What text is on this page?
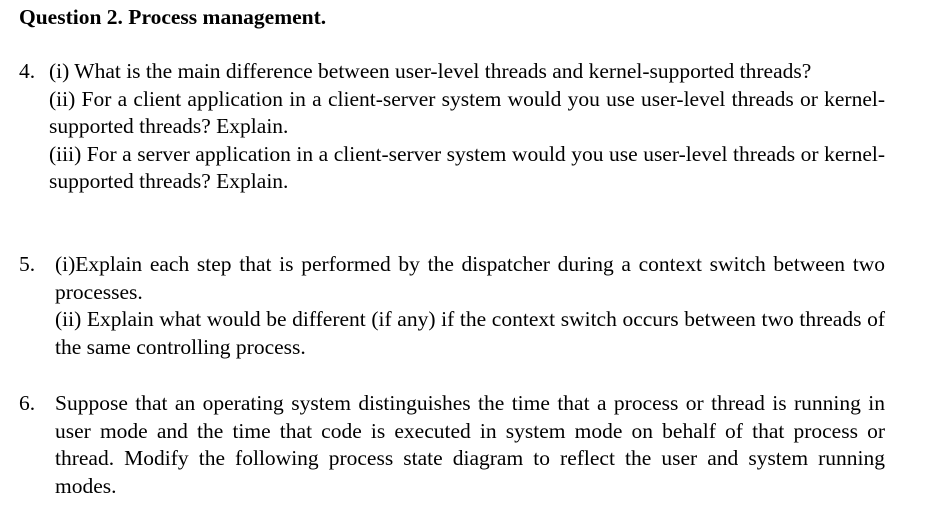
Question 2. Process management.
4. (i) What is the main difference between user-level threads and kernel-supported threads?

(ii) For a client application in a client-server system would you use user-level threads or kernel-supported threads? Explain.

(iii) For a server application in a client-server system would you use user-level threads or kernel-supported threads? Explain.

5. (i)Explain each step that is performed by the dispatcher during a context switch between two processes.

(ii) Explain what would be different (if any) if the context switch occurs between two threads of the same controlling process.

6. Suppose that an operating system distinguishes the time that a process or thread is running in user mode and the time that code is executed in system mode on behalf of that process or thread. Modify the following process state diagram to reflect the user and system running modes.
